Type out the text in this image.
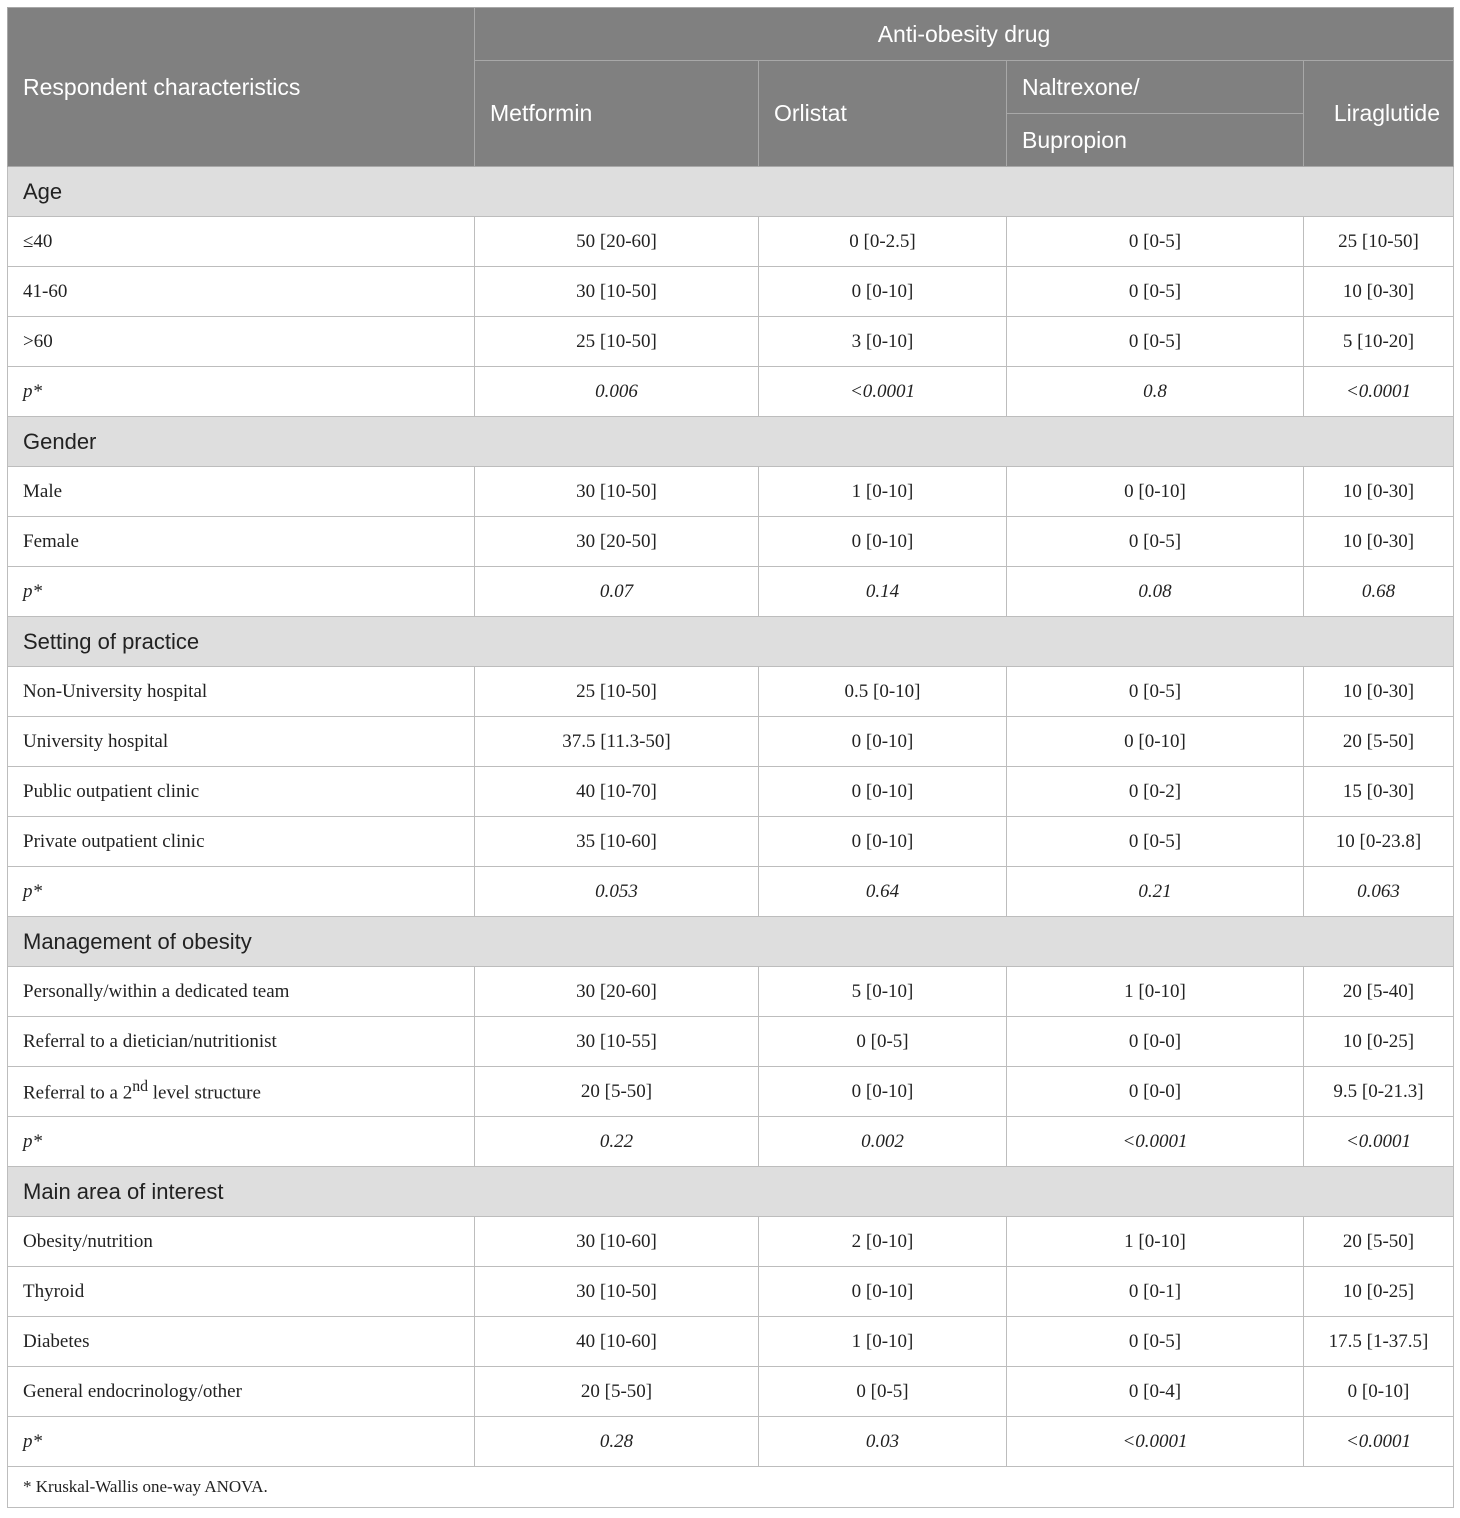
Respondent characteristics	Anti-obesity drug			
	Metformin	Orlistat	Naltrexone/	Liraglutide
			Bupropion	
Age				
≤40	50 [20-60]	0 [0-2.5]	0 [0-5]	25 [10-50]
41-60	30 [10-50]	0 [0-10]	0 [0-5]	10 [0-30]
>60	25 [10-50]	3 [0-10]	0 [0-5]	5 [10-20]
p*	0.006	<0.0001	0.8	<0.0001
Gender				
Male	30 [10-50]	1 [0-10]	0 [0-10]	10 [0-30]
Female	30 [20-50]	0 [0-10]	0 [0-5]	10 [0-30]
p*	0.07	0.14	0.08	0.68
Setting of practice				
Non-University hospital	25 [10-50]	0.5 [0-10]	0 [0-5]	10 [0-30]
University hospital	37.5 [11.3-50]	0 [0-10]	0 [0-10]	20 [5-50]
Public outpatient clinic	40 [10-70]	0 [0-10]	0 [0-2]	15 [0-30]
Private outpatient clinic	35 [10-60]	0 [0-10]	0 [0-5]	10 [0-23.8]
p*	0.053	0.64	0.21	0.063
Management of obesity				
Personally/within a dedicated team	30 [20-60]	5 [0-10]	1 [0-10]	20 [5-40]
Referral to a dietician/nutritionist	30 [10-55]	0 [0-5]	0 [0-0]	10 [0-25]
Referral to a 2nd level structure	20 [5-50]	0 [0-10]	0 [0-0]	9.5 [0-21.3]
p*	0.22	0.002	<0.0001	<0.0001
Main area of interest				
Obesity/nutrition	30 [10-60]	2 [0-10]	1 [0-10]	20 [5-50]
Thyroid	30 [10-50]	0 [0-10]	0 [0-1]	10 [0-25]
Diabetes	40 [10-60]	1 [0-10]	0 [0-5]	17.5 [1-37.5]
General endocrinology/other	20 [5-50]	0 [0-5]	0 [0-4]	0 [0-10]
p*	0.28	0.03	<0.0001	<0.0001
* Kruskal-Wallis one-way ANOVA.				
